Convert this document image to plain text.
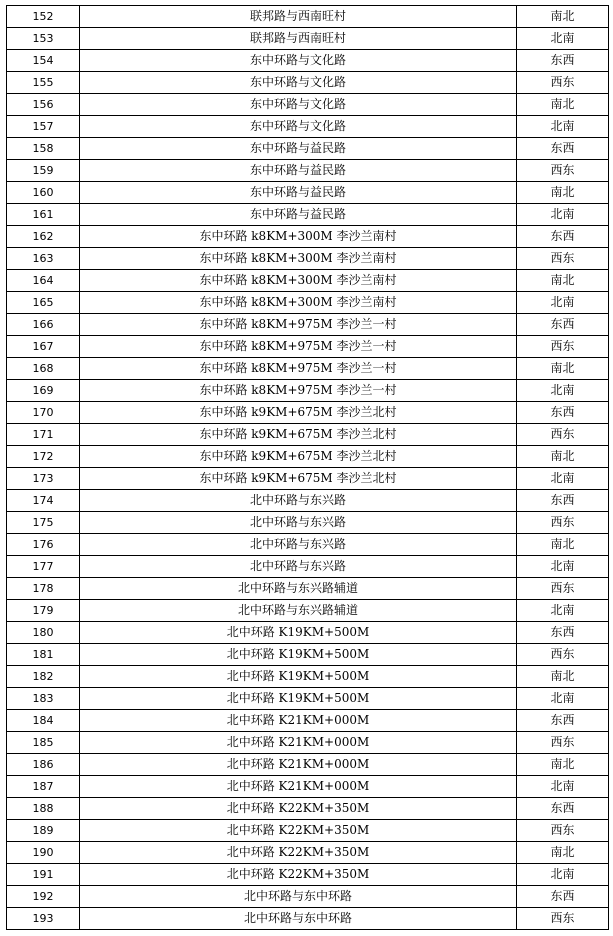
152	联邦路与西南旺村	南北
153	联邦路与西南旺村	北南
154	东中环路与文化路	东西
155	东中环路与文化路	西东
156	东中环路与文化路	南北
157	东中环路与文化路	北南
158	东中环路与益民路	东西
159	东中环路与益民路	西东
160	东中环路与益民路	南北
161	东中环路与益民路	北南
162	东中环路 k8KM+300M 李沙兰南村	东西
163	东中环路 k8KM+300M 李沙兰南村	西东
164	东中环路 k8KM+300M 李沙兰南村	南北
165	东中环路 k8KM+300M 李沙兰南村	北南
166	东中环路 k8KM+975M 李沙兰一村	东西
167	东中环路 k8KM+975M 李沙兰一村	西东
168	东中环路 k8KM+975M 李沙兰一村	南北
169	东中环路 k8KM+975M 李沙兰一村	北南
170	东中环路 k9KM+675M 李沙兰北村	东西
171	东中环路 k9KM+675M 李沙兰北村	西东
172	东中环路 k9KM+675M 李沙兰北村	南北
173	东中环路 k9KM+675M 李沙兰北村	北南
174	北中环路与东兴路	东西
175	北中环路与东兴路	西东
176	北中环路与东兴路	南北
177	北中环路与东兴路	北南
178	北中环路与东兴路辅道	西东
179	北中环路与东兴路辅道	北南
180	北中环路 K19KM+500M	东西
181	北中环路 K19KM+500M	西东
182	北中环路 K19KM+500M	南北
183	北中环路 K19KM+500M	北南
184	北中环路 K21KM+000M	东西
185	北中环路 K21KM+000M	西东
186	北中环路 K21KM+000M	南北
187	北中环路 K21KM+000M	北南
188	北中环路 K22KM+350M	东西
189	北中环路 K22KM+350M	西东
190	北中环路 K22KM+350M	南北
191	北中环路 K22KM+350M	北南
192	北中环路与东中环路	东西
193	北中环路与东中环路	西东
